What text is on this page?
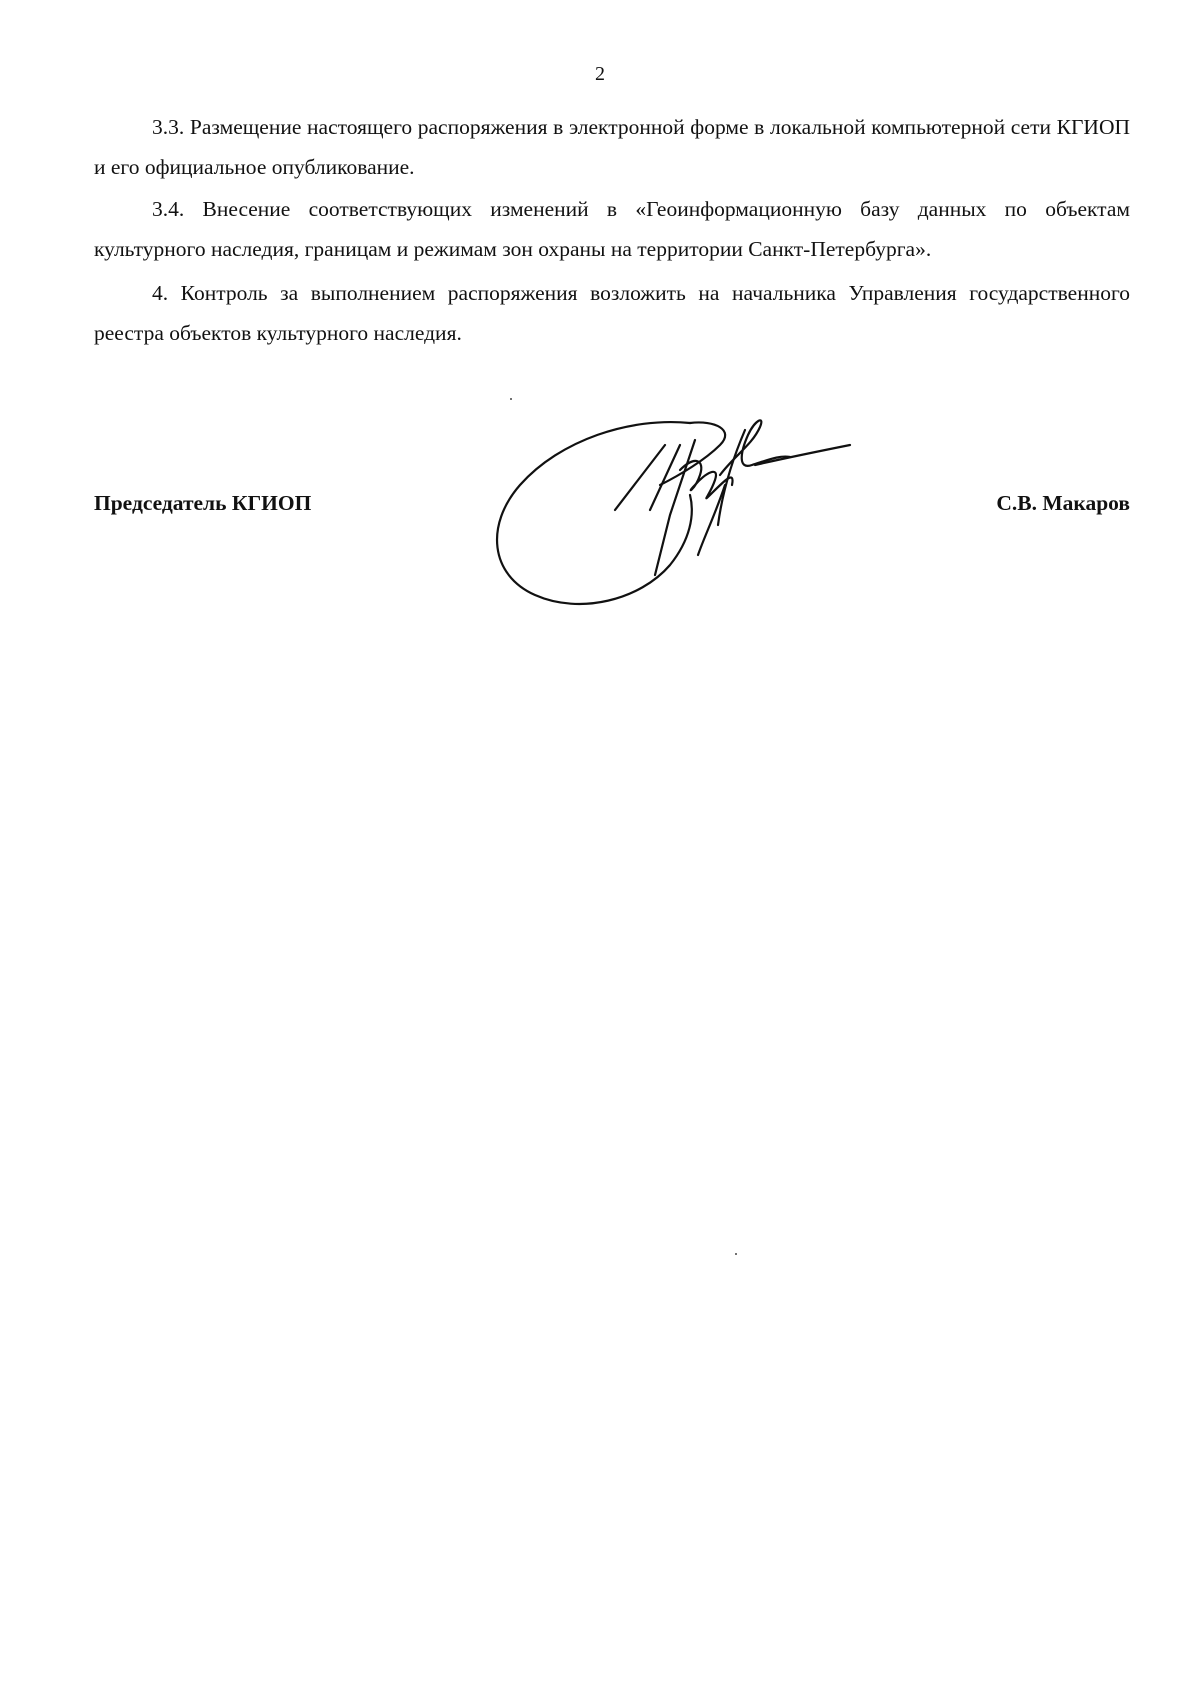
2

3.3. Размещение настоящего распоряжения в электронной форме в локальной компьютерной сети КГИОП и его официальное опубликование.

3.4. Внесение соответствующих изменений в «Геоинформационную базу данных по объектам культурного наследия, границам и режимам зон охраны на территории Санкт-Петербурга».

4. Контроль за выполнением распоряжения возложить на начальника Управления государственного реестра объектов культурного наследия.

Председатель КГИОП	С.В. Макаров
